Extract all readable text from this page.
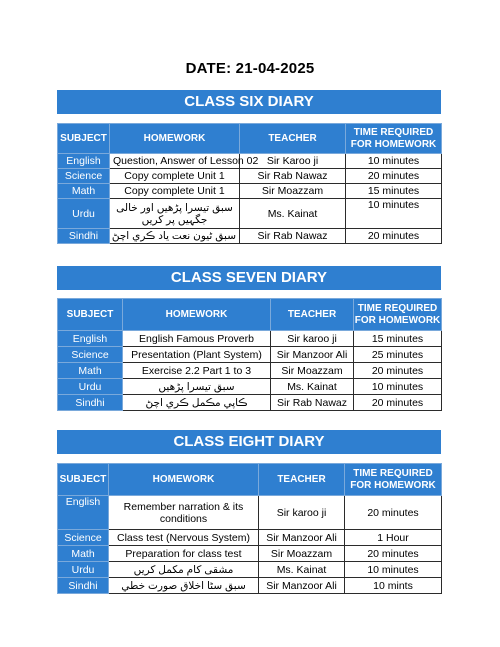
DATE: 21-04-2025
CLASS SIX DIARY
SUBJECT	HOMEWORK	TEACHER	TIME REQUIRED FOR HOMEWORK
English	Question, Answer of Lesson 02	Sir Karoo ji	10 minutes
Science	Copy complete Unit 1	Sir Rab Nawaz	20 minutes
Math	Copy complete Unit 1	Sir Moazzam	15 minutes
Urdu	سبق تیسرا پڑھیں اور خالی جگہیں پر کریں	Ms. Kainat	10 minutes
Sindhi	سبق ٹيون نعت ياد ڪري اچڻ	Sir Rab Nawaz	20 minutes
CLASS SEVEN DIARY
SUBJECT	HOMEWORK	TEACHER	TIME REQUIRED FOR HOMEWORK
English	English Famous Proverb	Sir karoo ji	15 minutes
Science	Presentation (Plant System)	Sir Manzoor Ali	25 minutes
Math	Exercise 2.2 Part 1 to 3	Sir Moazzam	20 minutes
Urdu	سبق تیسرا پڑھیں	Ms. Kainat	10 minutes
Sindhi	ڪاپي مڪمل ڪري اچڻ	Sir Rab Nawaz	20 minutes
CLASS EIGHT DIARY
SUBJECT	HOMEWORK	TEACHER	TIME REQUIRED FOR HOMEWORK
English	Remember narration & its conditions	Sir karoo ji	20 minutes
Science	Class test (Nervous System)	Sir Manzoor Ali	1 Hour
Math	Preparation for class test	Sir Moazzam	20 minutes
Urdu	مشقی کام مکمل کریں	Ms. Kainat	10 minutes
Sindhi	سبق سڻا اخلاق صورت خطي	Sir Manzoor Ali	10 mints
